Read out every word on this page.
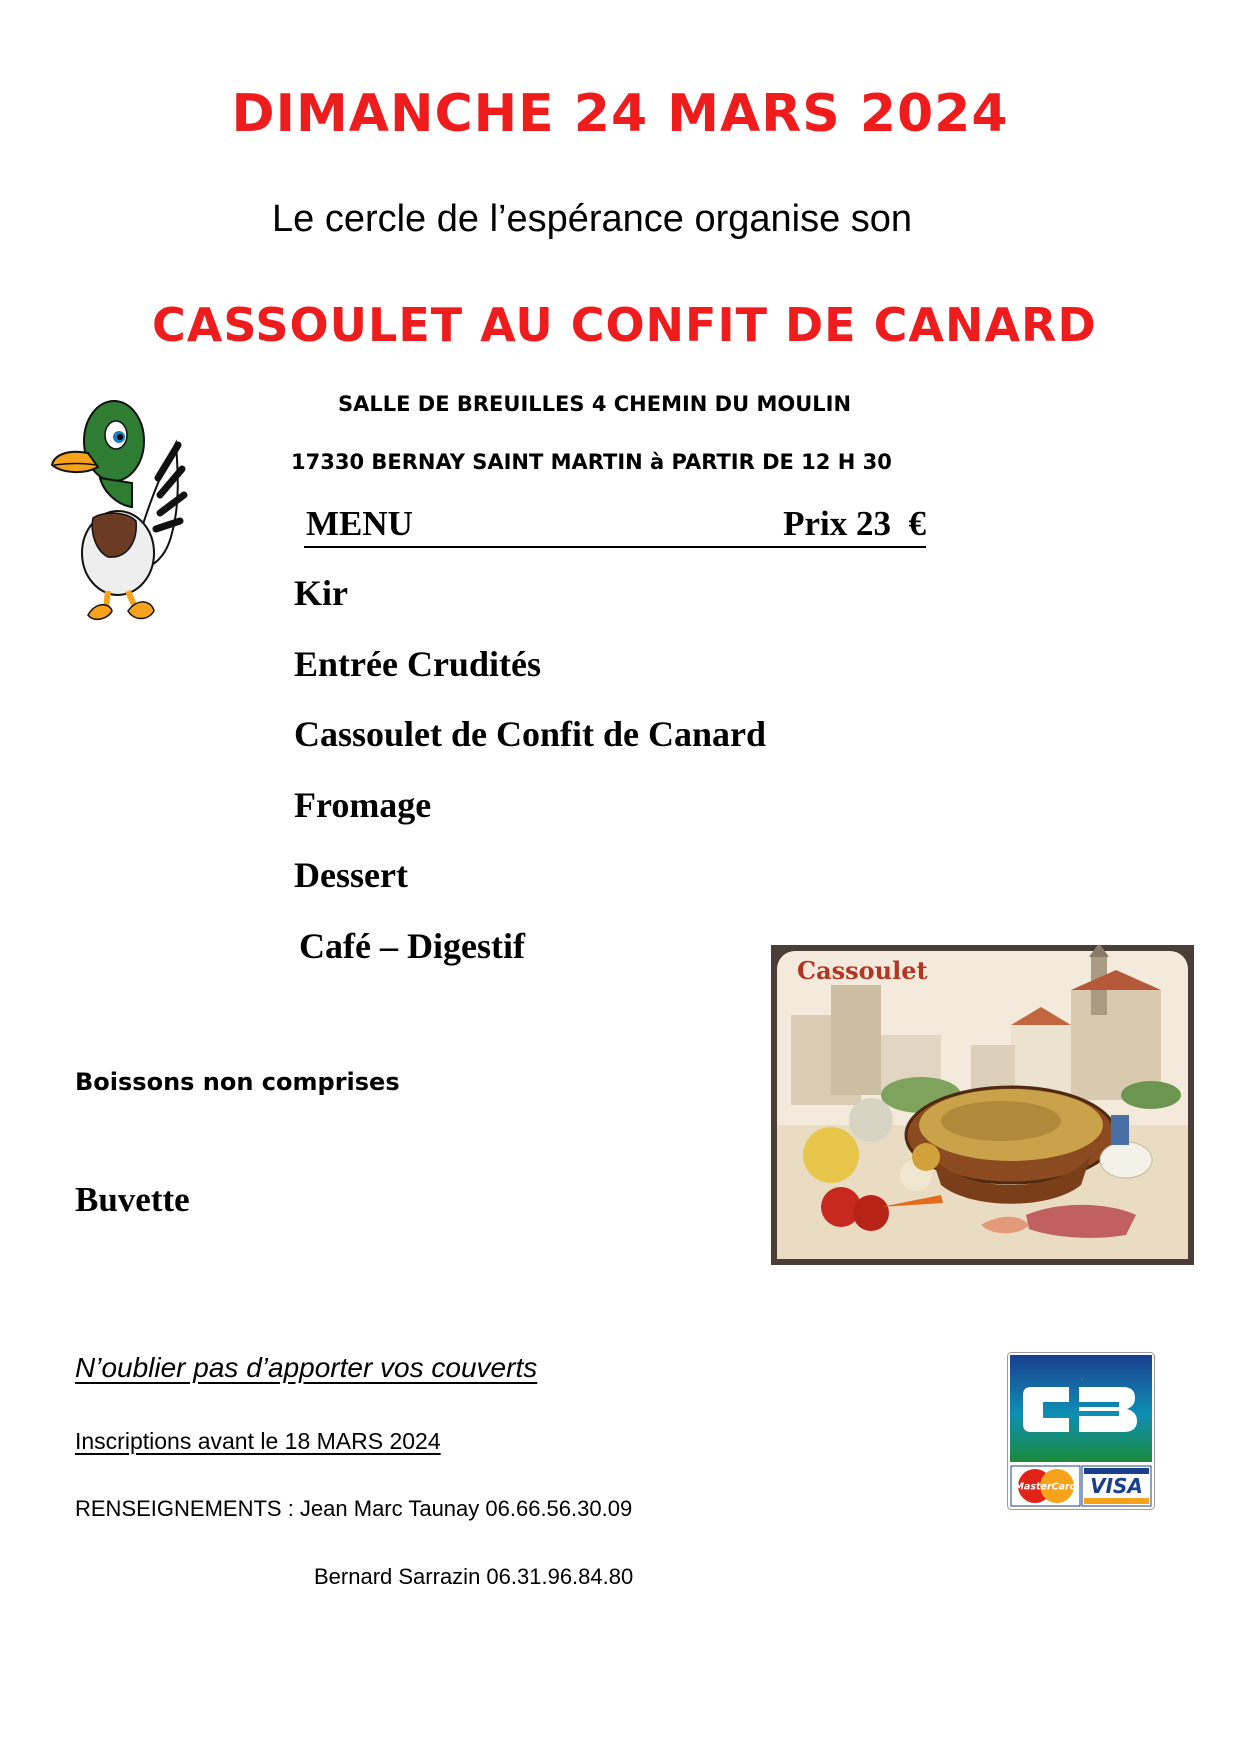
DIMANCHE 24 MARS 2024
Le cercle de l’espérance organise son
CASSOULET AU CONFIT DE CANARD
SALLE DE BREUILLES 4 CHEMIN DU MOULIN
17330 BERNAY SAINT MARTIN à PARTIR DE 12 H 30
MENU	Prix 23  €
Kir
Entrée Crudités
Cassoulet de Confit de Canard
Fromage
Dessert
Café – Digestif
Cassoulet
Boissons non comprises
Buvette
N’oublier pas d’apporter vos couverts
Inscriptions avant le 18 MARS 2024
RENSEIGNEMENTS : Jean Marc Taunay 06.66.56.30.09
Bernard Sarrazin 06.31.96.84.80
CB
MasterCard VISA
